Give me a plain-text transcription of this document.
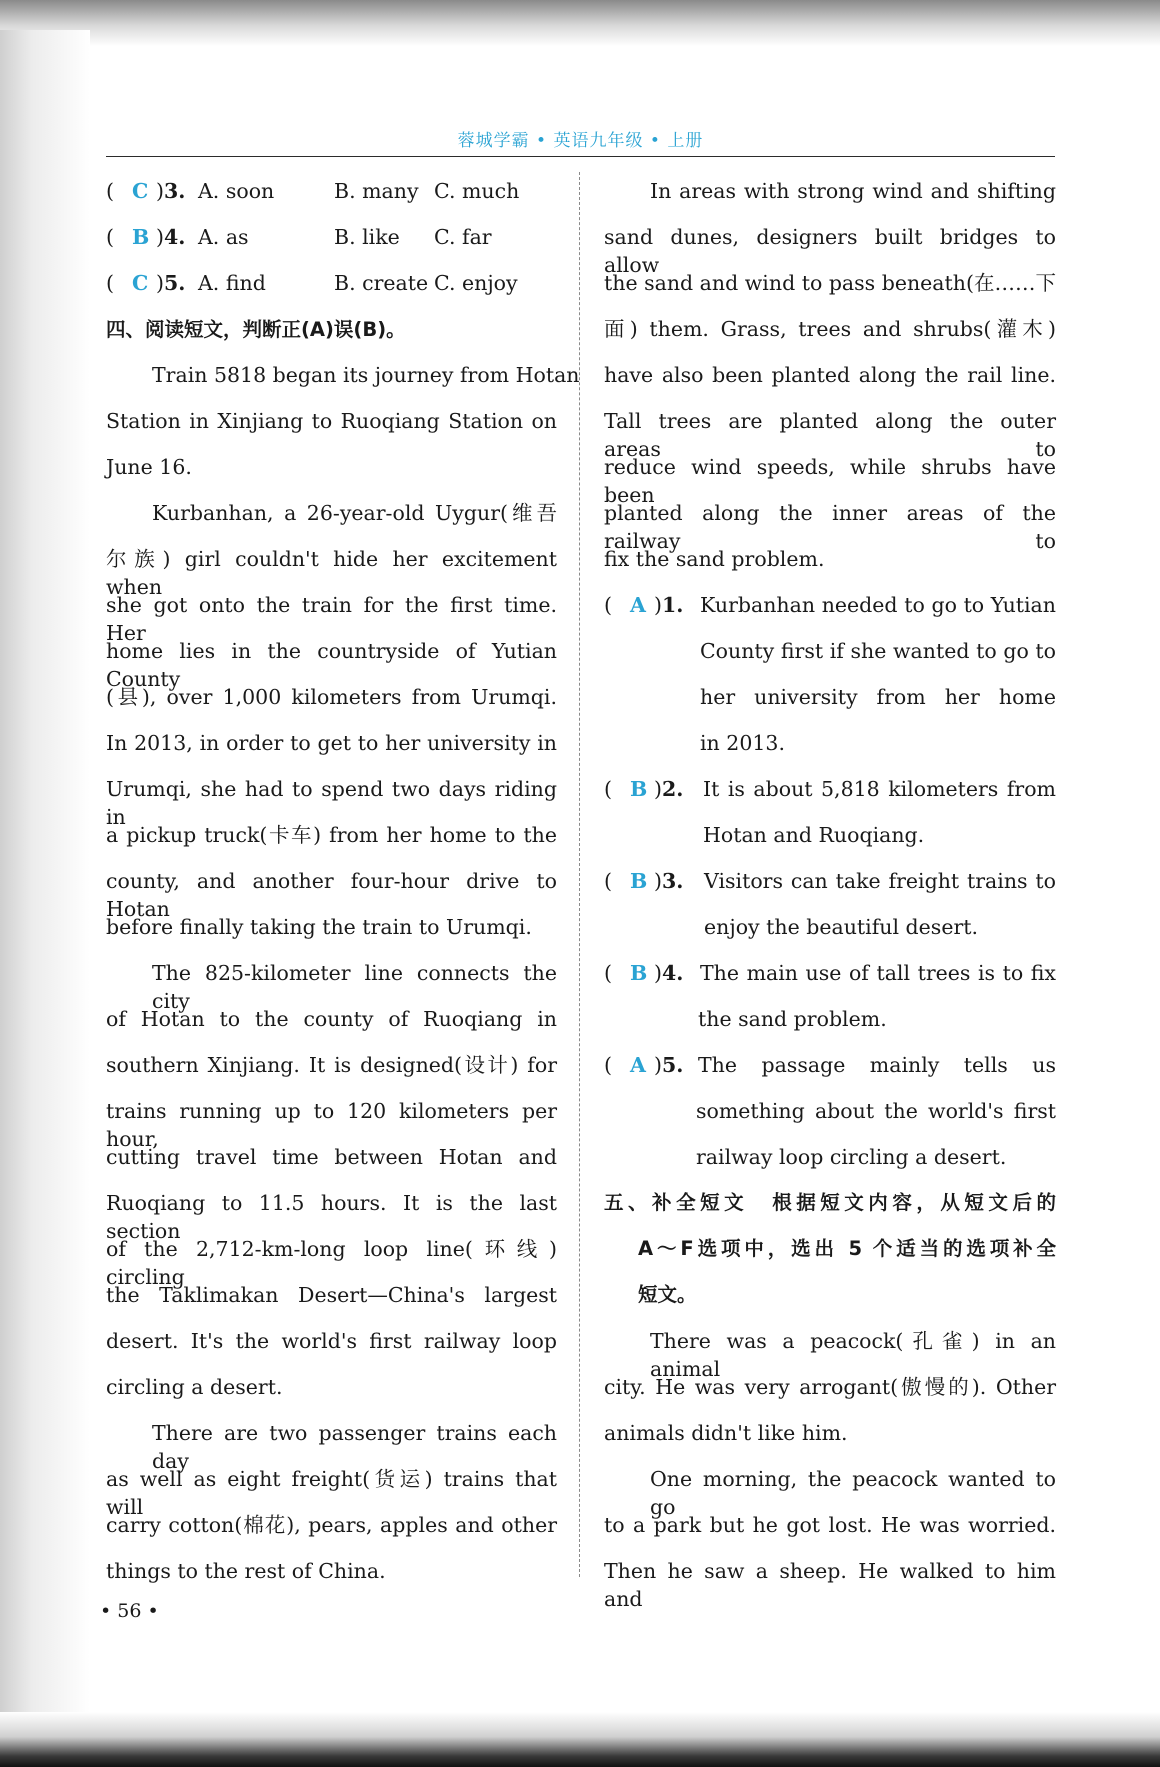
蓉城学霸 • 英语九年级 • 上册
( C )3. A. soon	B. many C. much
( B )4. A. as	B. like C. far
( C )5. A. find	B. create C. enjoy
四、阅读短文，判断正(A)误(B)。
Train 5818 began its journey from Hotan
Station in Xinjiang to Ruoqiang Station on
June 16.
Kurbanhan, a 26-year-old Uygur(维吾
尔族) girl couldn't hide her excitement when
she got onto the train for the first time. Her
home lies in the countryside of Yutian County
(县), over 1,000 kilometers from Urumqi.
In 2013, in order to get to her university in
Urumqi, she had to spend two days riding in
a pickup truck(卡车) from her home to the
county, and another four-hour drive to Hotan
before finally taking the train to Urumqi.
The 825-kilometer line connects the city
of Hotan to the county of Ruoqiang in
southern Xinjiang. It is designed(设计) for
trains running up to 120 kilometers per hour,
cutting travel time between Hotan and
Ruoqiang to 11.5 hours. It is the last section
of the 2,712-km-long loop line(环线) circling
the Taklimakan Desert—China's largest
desert. It's the world's first railway loop
circling a desert.
There are two passenger trains each day
as well as eight freight(货运) trains that will
carry cotton(棉花), pears, apples and other
things to the rest of China.
In areas with strong wind and shifting
sand dunes, designers built bridges to allow
the sand and wind to pass beneath(在……下
面) them. Grass, trees and shrubs(灌木)
have also been planted along the rail line.
Tall trees are planted along the outer areas to
reduce wind speeds, while shrubs have been
planted along the inner areas of the railway to
fix the sand problem.
( A )1. Kurbanhan needed to go to Yutian
County first if she wanted to go to
her university from her home
in 2013.
( B )2. It is about 5,818 kilometers from
Hotan and Ruoqiang.
( B )3. Visitors can take freight trains to
enjoy the beautiful desert.
( B )4. The main use of tall trees is to fix
the sand problem.
( A )5. The passage mainly tells us
something about the world's first
railway loop circling a desert.
五、补全短文　根据短文内容，从短文后的
A～F选项中，选出 5 个适当的选项补全
短文。
There was a peacock(孔雀) in an animal
city. He was very arrogant(傲慢的). Other
animals didn't like him.
One morning, the peacock wanted to go
to a park but he got lost. He was worried.
Then he saw a sheep. He walked to him and
• 56 •
